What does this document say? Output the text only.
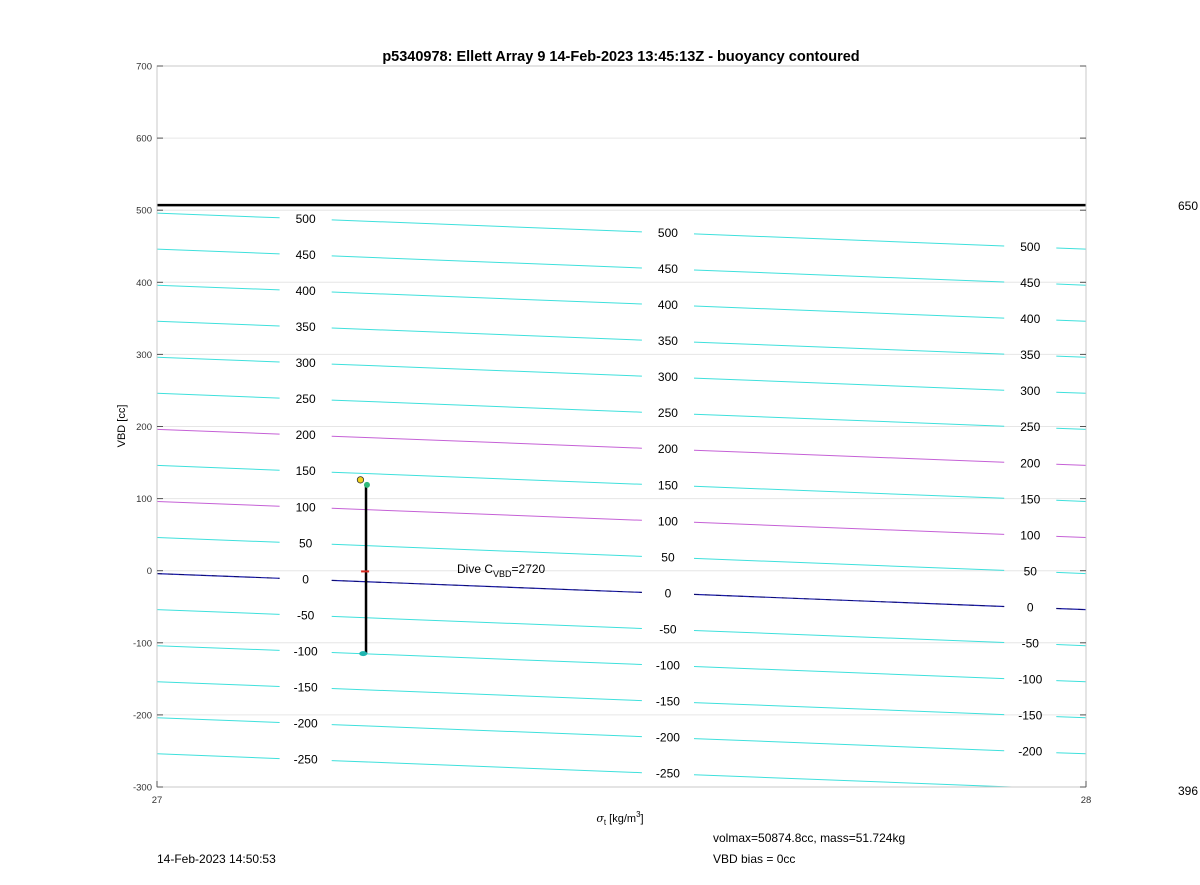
-250
-250
-200
-200
-200
-150
-150
-150
-100
-100
-100
-50
-50
-50
0
0
0
50
50
50
100
100
100
150
150
150
200
200
200
250
250
250
300
300
300
350
350
350
400
400
400
450
450
450
500
500
500
-300
-200
-100
0
100
200
300
400
500
600
700
27	28
p5340978: Ellett Array 9 14-Feb-2023 13:45:13Z - buoyancy contoured
VBD [cc]
$\sigma_t$ $[kg/m^3]$
Dive $C_{VBD}=2720$
650
396
14-Feb-2023 14:50:53
volmax=50874.8cc, mass=51.724kg
VBD bias = 0cc
